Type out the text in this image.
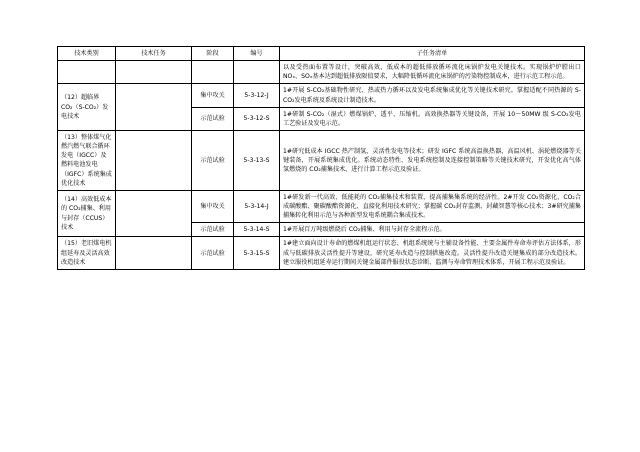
技术类别	技术任务	阶段	编号	子任务清单
				以及受热面布置等设计，突破高效、低成本的超低排放循环流化床锅炉发电关键技术。实现锅炉炉膛出口 NOₓ、SOₓ基本达到超低排放限值要求，大幅降低循环流化床锅炉的污染物控制成本，进行示范工程示范。
（12）超临界 CO₂（S-CO₂）发电技术		集中攻关	5-3-12-J	1#开展 S-CO₂基础物性研究、热或热力循环以及发电系统集成优化等关键技术研究。掌握适配不同热源的 S-CO₂发电系统及系统设计制造技术。
		示范试验	5-3-12-S	1#研制 S-CO₂（湿式）燃煤锅炉、透平、压缩机。高效换热器等关键设备，开展 10～50MW 级 S-CO₂发电工艺验证及发电示范。
（13）整体煤气化燃汽燃气联合循环发电（IGCC）及燃料电池发电（IGFC）系统集成优化技术		示范试验	5-3-13-S	1#研究低成本 IGCC 热产制氢、灵活性发电等技术；研发 IGFC 系统高温换热器、高温风机、涡轮燃烧器等关键装备，开展系统集成优化。系统动态特性、发电系统控制及连接控制策略等关键技术研究，开发优化高气体氢燃烧的 CO₂捕集技术，进行计算工程示范及验证。
（14）高效低成本的 CO₂捕集、利用与封存（CCUS）技术		集中攻关	5-3-14-J	1#研发新一代高效、低能耗的 CO₂捕集技术和装置，提高捕集集系统的经济性。2#开发 CO₂资源化、CO₂合成碳酸酯、聚碳酸酯资源化、直接化利用技术研究；掌握碳 CO₂封存监测、封藏智慧等核心技术；3#研究捕集捕集转化利用示范与各种新型发电系统耦合集成技术。
		示范试验	5-3-14-S	1#开展百万吨级燃烧后 CO₂捕集、利用与封存全流程示范。
（15）老旧煤电机组延寿及灵活高效改造技术		示范试验	5-3-15-S	1#建立面向设计寿命的燃煤机组运行状态、机组系统统与主辅设备性能、主要金属件寿命寿评估方法体系，形成与低碳排放灵活性提升等建设，研究延寿改造与控制措施改造。灵活性提升改造关键集成的部分改造技术。建立服役机组延寿运行期间关键金属部件服役状态诊断、监测与寿命管理技术体系，开展工程示范及验证。
